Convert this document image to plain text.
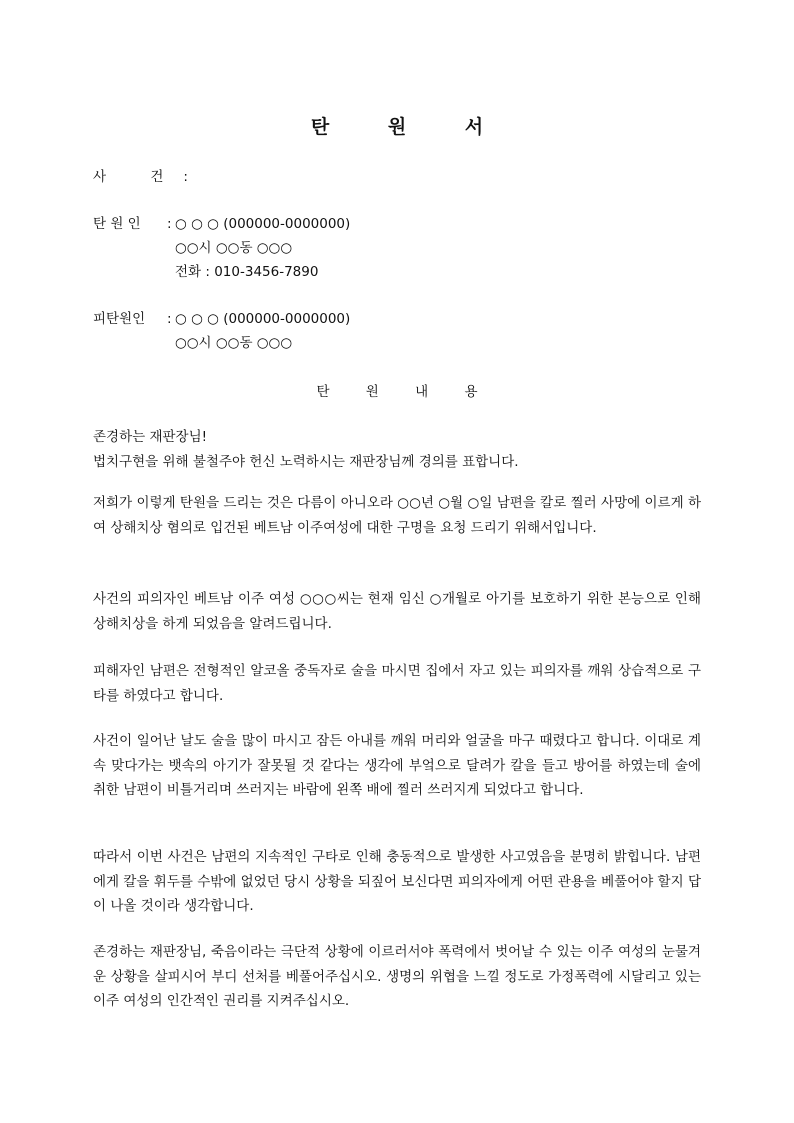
탄 원 서
사 건:
탄 원 인 : ○ ○ ○ (000000-0000000)
○○시 ○○동 ○○○
전화 : 010-3456-7890
피탄원인 : ○ ○ ○ (000000-0000000)
○○시 ○○동 ○○○
탄 원 내 용
존경하는 재판장님!
법치구현을 위해 불철주야 헌신 노력하시는 재판장님께 경의를 표합니다.
저희가 이렇게 탄원을 드리는 것은 다름이 아니오라 ○○년 ○월 ○일 남편을 칼로 찔러 사망에 이르게 하여 상해치상 혐의로 입건된 베트남 이주여성에 대한 구명을 요청 드리기 위해서입니다.
사건의 피의자인 베트남 이주 여성 ○○○씨는 현재 임신 ○개월로 아기를 보호하기 위한 본능으로 인해 상해치상을 하게 되었음을 알려드립니다.
피해자인 남편은 전형적인 알코올 중독자로 술을 마시면 집에서 자고 있는 피의자를 깨워 상습적으로 구타를 하였다고 합니다.
사건이 일어난 날도 술을 많이 마시고 잠든 아내를 깨워 머리와 얼굴을 마구 때렸다고 합니다. 이대로 계속 맞다가는 뱃속의 아기가 잘못될 것 같다는 생각에 부엌으로 달려가 칼을 들고 방어를 하였는데 술에 취한 남편이 비틀거리며 쓰러지는 바람에 왼쪽 배에 찔러 쓰러지게 되었다고 합니다.
따라서 이번 사건은 남편의 지속적인 구타로 인해 충동적으로 발생한 사고였음을 분명히 밝힙니다. 남편에게 칼을 휘두를 수밖에 없었던 당시 상황을 되짚어 보신다면 피의자에게 어떤 관용을 베풀어야 할지 답이 나올 것이라 생각합니다.
존경하는 재판장님, 죽음이라는 극단적 상황에 이르러서야 폭력에서 벗어날 수 있는 이주 여성의 눈물겨운 상황을 살피시어 부디 선처를 베풀어주십시오. 생명의 위협을 느낄 정도로 가정폭력에 시달리고 있는 이주 여성의 인간적인 권리를 지켜주십시오.
